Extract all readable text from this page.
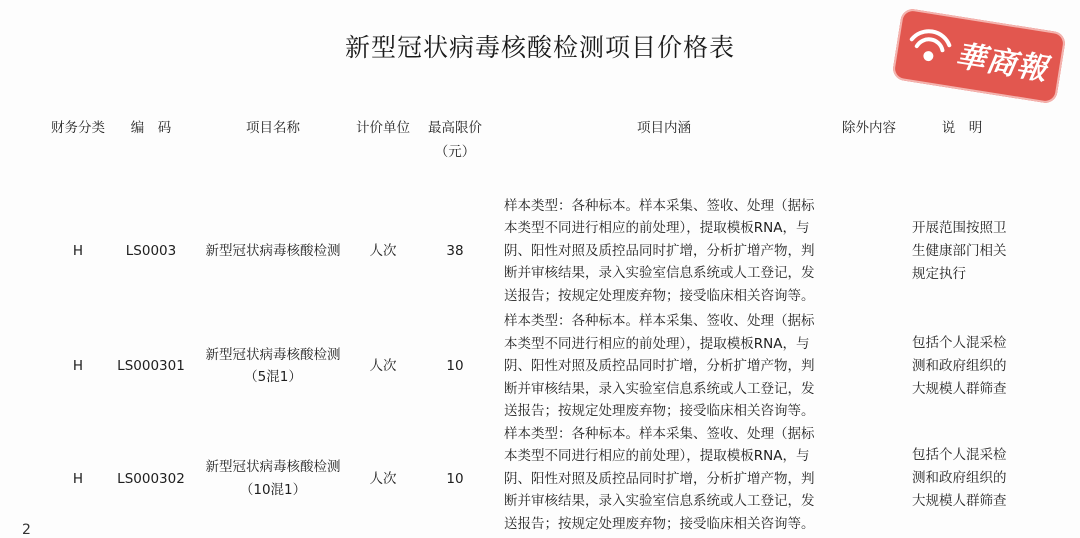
新型冠状病毒核酸检测项目价格表	華商報
财务分类	编　码	项目名称	计价单位	最高限价（元）	项目内涵	除外内容	说　明
H	LS0003	新型冠状病毒核酸检测	人次	38	样本类型：各种标本。样本采集、签收、处理（据标本类型不同进行相应的前处理），提取模板RNA，与阴、阳性对照及质控品同时扩增，分析扩增产物，判断并审核结果，录入实验室信息系统或人工登记，发送报告；按规定处理废弃物；接受临床相关咨询等。		开展范围按照卫生健康部门相关规定执行
H	LS000301	新型冠状病毒核酸检测（5混1）	人次	10	样本类型：各种标本。样本采集、签收、处理（据标本类型不同进行相应的前处理），提取模板RNA，与阴、阳性对照及质控品同时扩增，分析扩增产物，判断并审核结果，录入实验室信息系统或人工登记，发送报告；按规定处理废弃物；接受临床相关咨询等。		包括个人混采检测和政府组织的大规模人群筛查
H	LS000302	新型冠状病毒核酸检测（10混1）	人次	10	样本类型：各种标本。样本采集、签收、处理（据标本类型不同进行相应的前处理），提取模板RNA，与阴、阳性对照及质控品同时扩增，分析扩增产物，判断并审核结果，录入实验室信息系统或人工登记，发送报告；按规定处理废弃物；接受临床相关咨询等。		包括个人混采检测和政府组织的大规模人群筛查
2
